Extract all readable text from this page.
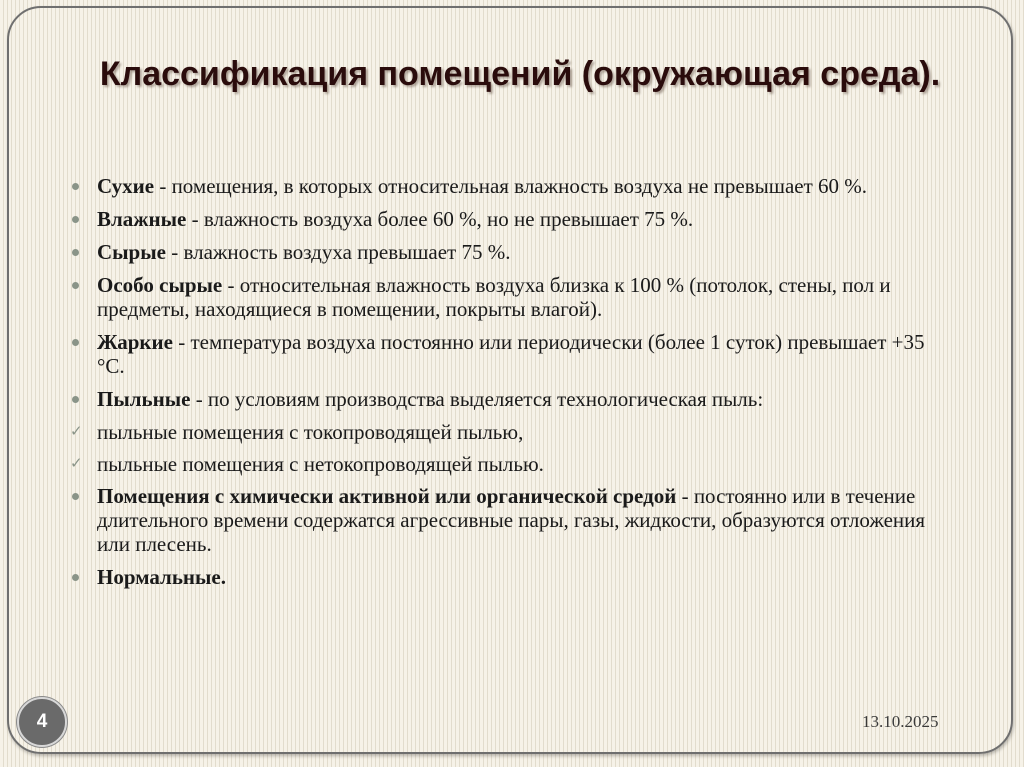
Классификация помещений (окружающая среда).
Сухие - помещения, в которых относительная влажность воздуха не превышает 60 %.
Влажные - влажность воздуха более 60 %, но не превышает 75 %.
Сырые - влажность воздуха превышает 75 %.
Особо сырые - относительная влажность воздуха близка к 100 % (потолок, стены, пол и предметы, находящиеся в помещении, покрыты влагой).
Жаркие - температура воздуха постоянно или периодически (более 1 суток) превышает +35 °С.
Пыльные - по условиям производства выделяется технологическая пыль:
✓ пыльные помещения с токопроводящей пылью,
✓ пыльные помещения с нетокопроводящей пылью.
Помещения с химически активной или органической средой - постоянно или в течение длительного времени содержатся агрессивные пары, газы, жидкости, образуются отложения или плесень.
Нормальные.
4	13.10.2025
